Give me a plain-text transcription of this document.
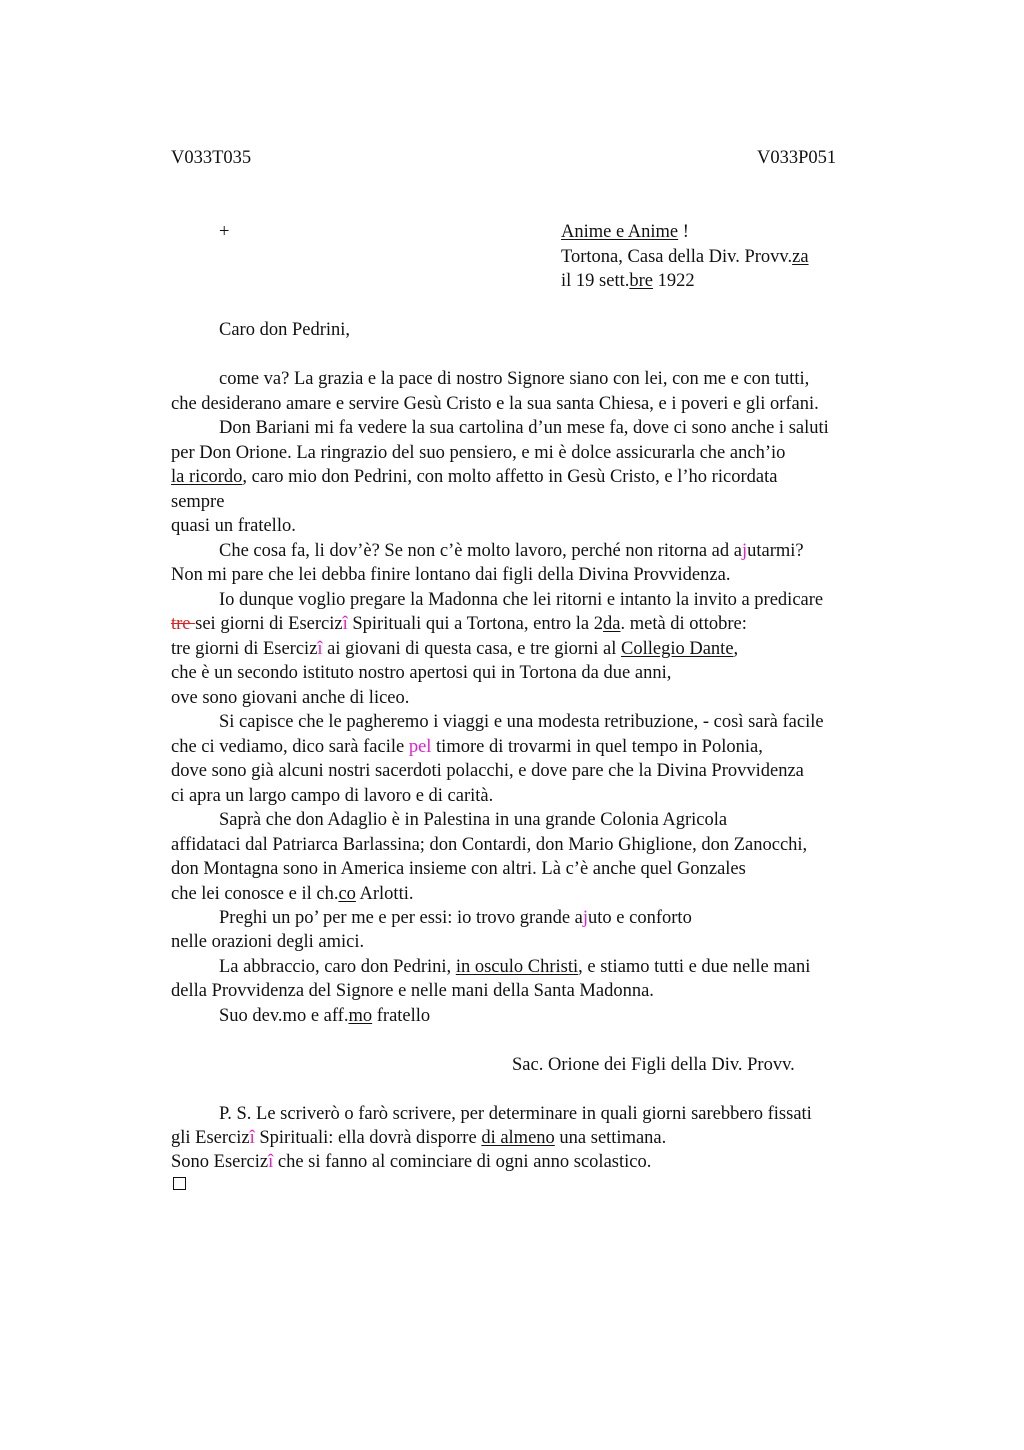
V033T035	V033P051
+	Anime e Anime !
Tortona, Casa della Div. Provv.za
il 19 sett.bre 1922
Caro don Pedrini,
come va? La grazia e la pace di nostro Signore siano con lei, con me e con tutti,
che desiderano amare e servire Gesù Cristo e la sua santa Chiesa, e i poveri e gli orfani.
Don Bariani mi fa vedere la sua cartolina d’un mese fa, dove ci sono anche i saluti
per Don Orione. La ringrazio del suo pensiero, e mi è dolce assicurarla che anch’io
la ricordo, caro mio don Pedrini, con molto affetto in Gesù Cristo, e l’ho ricordata
sempre
quasi un fratello.
Che cosa fa, li dov’è? Se non c’è molto lavoro, perché non ritorna ad ajutarmi?
Non mi pare che lei debba finire lontano dai figli della Divina Provvidenza.
Io dunque voglio pregare la Madonna che lei ritorni e intanto la invito a predicare
tre sei giorni di Esercizî Spirituali qui a Tortona, entro la 2da. metà di ottobre:
tre giorni di Esercizî ai giovani di questa casa, e tre giorni al Collegio Dante,
che è un secondo istituto nostro apertosi qui in Tortona da due anni,
ove sono giovani anche di liceo.
Si capisce che le pagheremo i viaggi e una modesta retribuzione, - così sarà facile
che ci vediamo, dico sarà facile pel timore di trovarmi in quel tempo in Polonia,
dove sono già alcuni nostri sacerdoti polacchi, e dove pare che la Divina Provvidenza
ci apra un largo campo di lavoro e di carità.
Saprà che don Adaglio è in Palestina in una grande Colonia Agricola
affidataci dal Patriarca Barlassina; don Contardi, don Mario Ghiglione, don Zanocchi,
don Montagna sono in America insieme con altri. Là c’è anche quel Gonzales
che lei conosce e il ch.co Arlotti.
Preghi un po’ per me e per essi: io trovo grande ajuto e conforto
nelle orazioni degli amici.
La abbraccio, caro don Pedrini, in osculo Christi, e stiamo tutti e due nelle mani
della Provvidenza del Signore e nelle mani della Santa Madonna.
Suo dev.mo e aff.mo fratello
Sac. Orione dei Figli della Div. Provv.
P. S. Le scriverò o farò scrivere, per determinare in quali giorni sarebbero fissati
gli Esercizî Spirituali: ella dovrà disporre di almeno una settimana.
Sono Esercizî che si fanno al cominciare di ogni anno scolastico.
